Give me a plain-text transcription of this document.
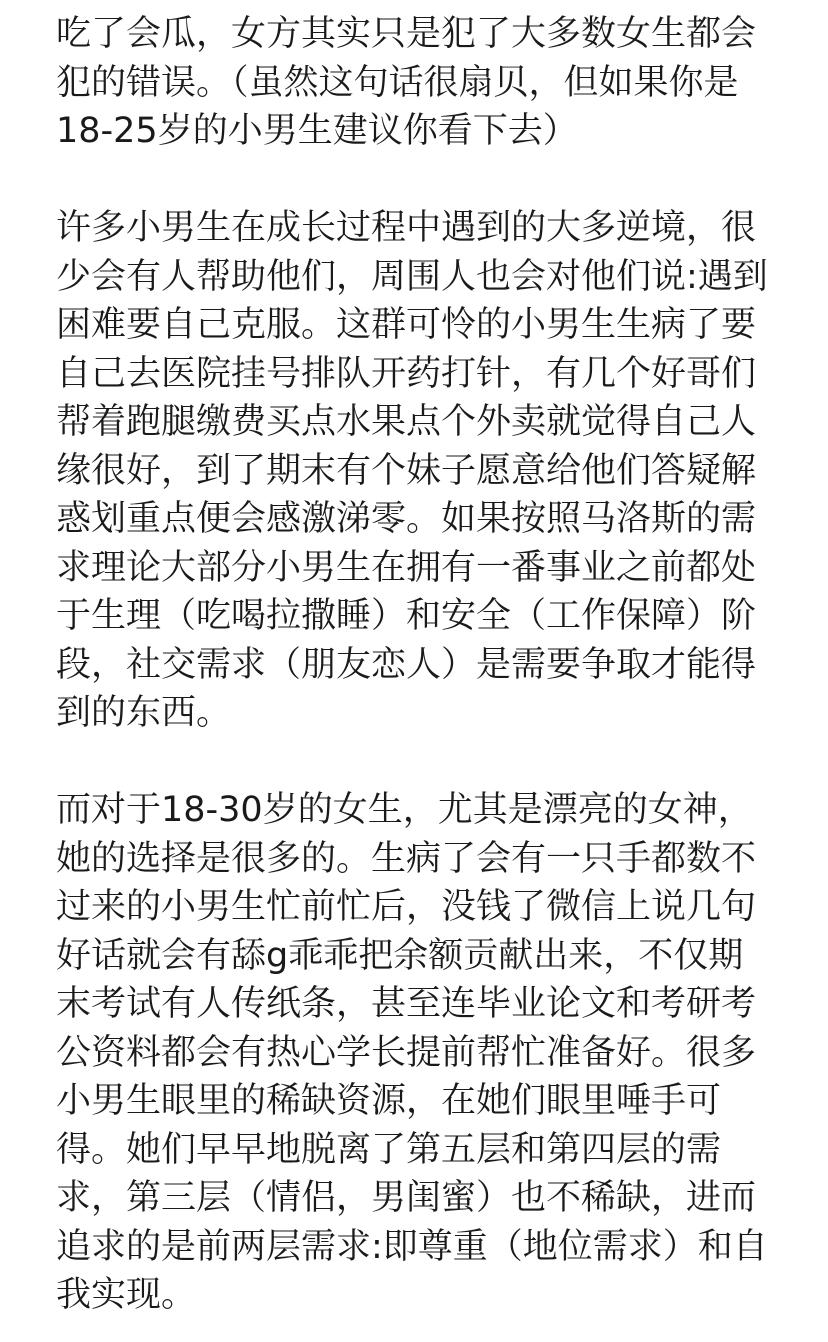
吃了会瓜，女方其实只是犯了大多数女生都会
犯的错误。（虽然这句话很扇贝，但如果你是
18-25岁的小男生建议你看下去）
许多小男生在成长过程中遇到的大多逆境，很
少会有人帮助他们，周围人也会对他们说:遇到
困难要自己克服。这群可怜的小男生生病了要
自己去医院挂号排队开药打针，有几个好哥们
帮着跑腿缴费买点水果点个外卖就觉得自己人
缘很好，到了期末有个妹子愿意给他们答疑解
惑划重点便会感激涕零。如果按照马洛斯的需
求理论大部分小男生在拥有一番事业之前都处
于生理（吃喝拉撒睡）和安全（工作保障）阶
段，社交需求（朋友恋人）是需要争取才能得
到的东西。
而对于18-30岁的女生，尤其是漂亮的女神，
她的选择是很多的。生病了会有一只手都数不
过来的小男生忙前忙后，没钱了微信上说几句
好话就会有舔g乖乖把余额贡献出来，不仅期
末考试有人传纸条，甚至连毕业论文和考研考
公资料都会有热心学长提前帮忙准备好。很多
小男生眼里的稀缺资源，在她们眼里唾手可
得。她们早早地脱离了第五层和第四层的需
求，第三层（情侣，男闺蜜）也不稀缺，进而
追求的是前两层需求:即尊重（地位需求）和自
我实现。
